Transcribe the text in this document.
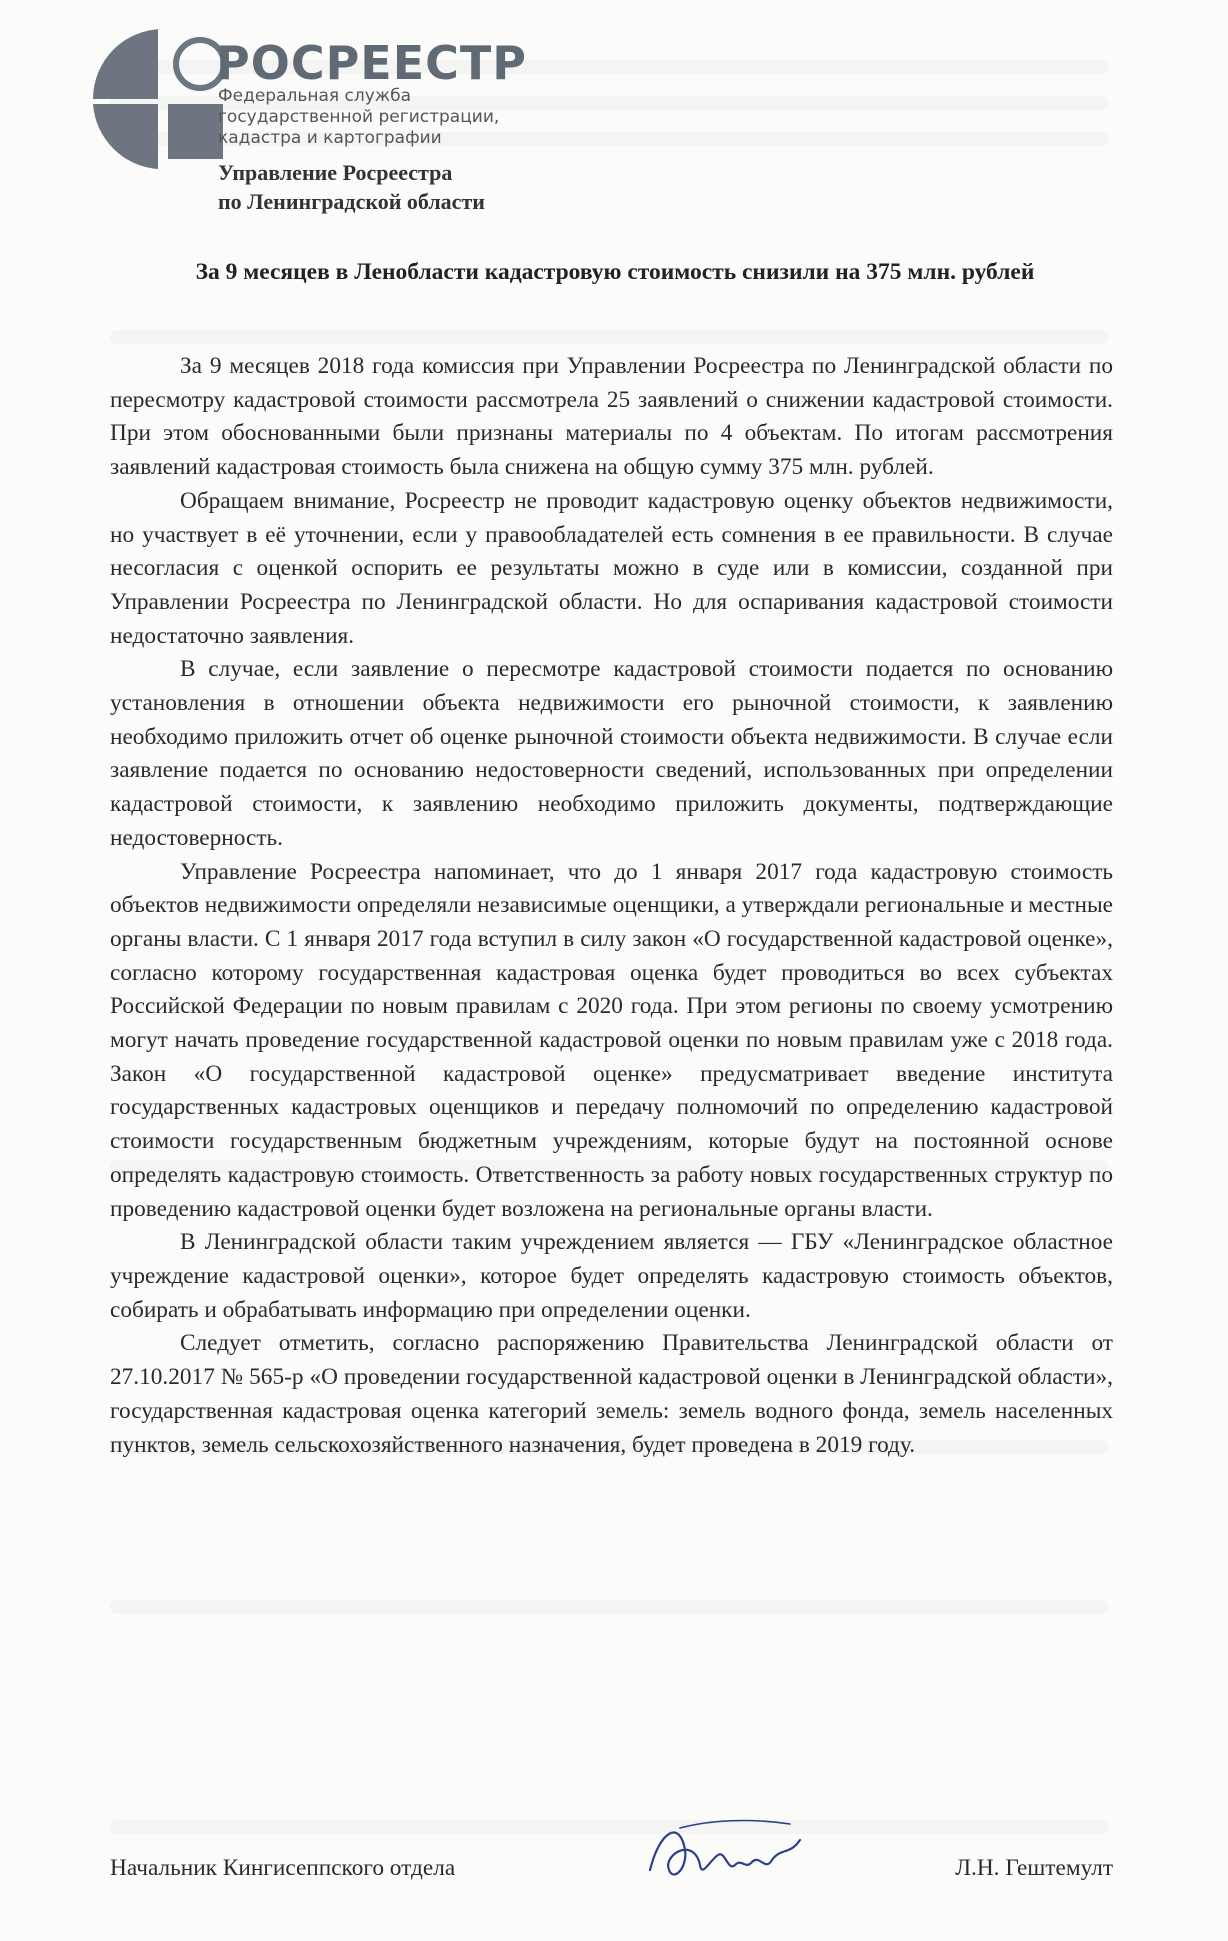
РОСРЕЕСТР
Федеральная служба
государственной регистрации,
кадастра и картографии
Управление Росреестра
по Ленинградской области
За 9 месяцев в Ленобласти кадастровую стоимость снизили на 375 млн. рублей

За 9 месяцев 2018 года комиссия при Управлении Росреестра по Ленинградской области по пересмотру кадастровой стоимости рассмотрела 25 заявлений о снижении кадастровой стоимости. При этом обоснованными были признаны материалы по 4 объектам. По итогам рассмотрения заявлений кадастровая стоимость была снижена на общую сумму 375 млн. рублей.

Обращаем внимание, Росреестр не проводит кадастровую оценку объектов недвижимости, но участвует в её уточнении, если у правообладателей есть сомнения в ее правильности. В случае несогласия с оценкой оспорить ее результаты можно в суде или в комиссии, созданной при Управлении Росреестра по Ленинградской области. Но для оспаривания кадастровой стоимости недостаточно заявления.

В случае, если заявление о пересмотре кадастровой стоимости подается по основанию установления в отношении объекта недвижимости его рыночной стоимости, к заявлению необходимо приложить отчет об оценке рыночной стоимости объекта недвижимости. В случае если заявление подается по основанию недостоверности сведений, использованных при определении кадастровой стоимости, к заявлению необходимо приложить документы, подтверждающие недостоверность.

Управление Росреестра напоминает, что до 1 января 2017 года кадастровую стоимость объектов недвижимости определяли независимые оценщики, а утверждали региональные и местные органы власти. С 1 января 2017 года вступил в силу закон «О государственной кадастровой оценке», согласно которому государственная кадастровая оценка будет проводиться во всех субъектах Российской Федерации по новым правилам с 2020 года. При этом регионы по своему усмотрению могут начать проведение государственной кадастровой оценки по новым правилам уже с 2018 года. Закон «О государственной кадастровой оценке» предусматривает введение института государственных кадастровых оценщиков и передачу полномочий по определению кадастровой стоимости государственным бюджетным учреждениям, которые будут на постоянной основе определять кадастровую стоимость. Ответственность за работу новых государственных структур по проведению кадастровой оценки будет возложена на региональные органы власти.

В Ленинградской области таким учреждением является — ГБУ «Ленинградское областное учреждение кадастровой оценки», которое будет определять кадастровую стоимость объектов, собирать и обрабатывать информацию при определении оценки.

Следует отметить, согласно распоряжению Правительства Ленинградской области от 27.10.2017 № 565-р «О проведении государственной кадастровой оценки в Ленинградской области», государственная кадастровая оценка категорий земель: земель водного фонда, земель населенных пунктов, земель сельскохозяйственного назначения, будет проведена в 2019 году.

Начальник Кингисеппского отдела	Л.Н. Гештемулт
